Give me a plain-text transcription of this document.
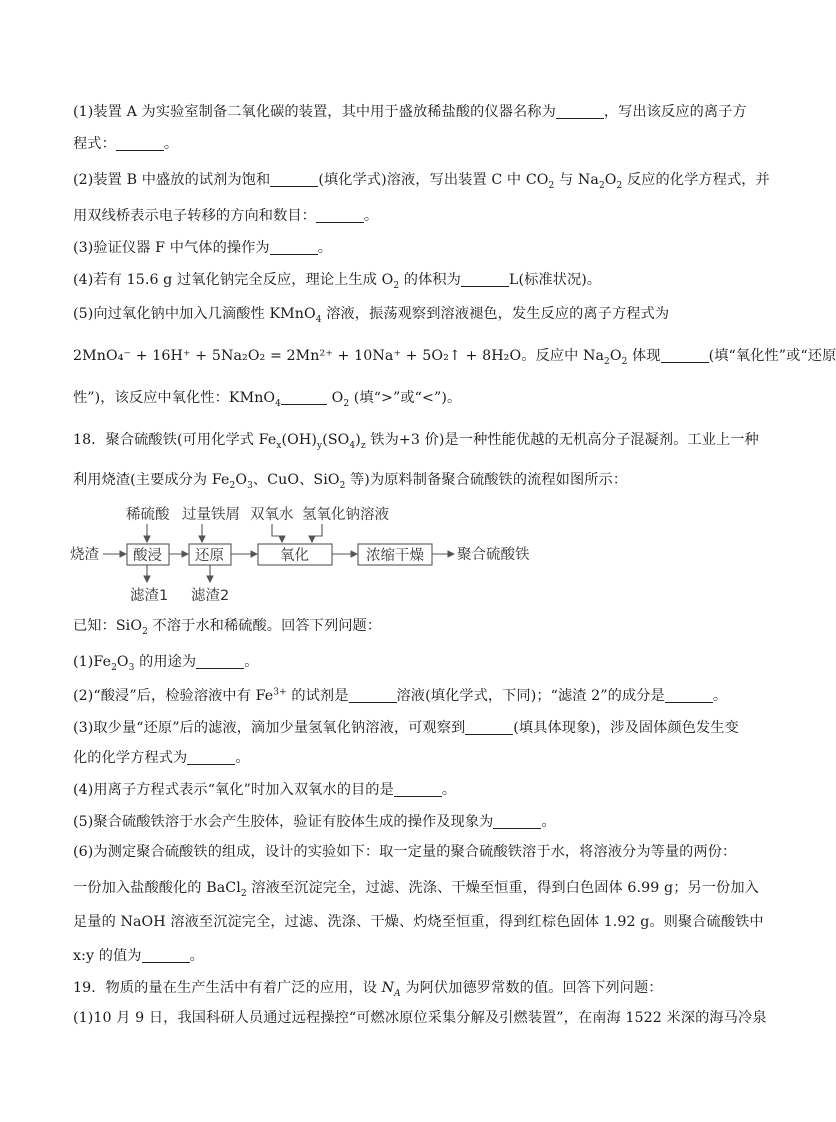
(1)装置 A 为实验室制备二氧化碳的装置，其中用于盛放稀盐酸的仪器名称为	，写出该反应的离子方
程式：	。
(2)装置 B 中盛放的试剂为饱和	(填化学式)溶液，写出装置 C 中 $CO_2$ 与 $Na_2O_2$ 反应的化学方程式，并
用双线桥表示电子转移的方向和数目：	。
(3)验证仪器 F 中气体的操作为	。
(4)若有 15.6 g 过氧化钠完全反应，理论上生成 $O_2$ 的体积为	L(标准状况)。
(5)向过氧化钠中加入几滴酸性 KMnO$_4$ 溶液，振荡观察到溶液褪色，发生反应的离子方程式为
2MnO₄⁻ + 16H⁺ + 5Na₂O₂ = 2Mn²⁺ + 10Na⁺ + 5O₂↑ + 8H₂O。反应中 $Na_2O_2$ 体现	(填“氧化性”或“还原
性”)，该反应中氧化性：KMnO$_4$	$O_2$ (填“>”或“<”)。
18．聚合硫酸铁(可用化学式 $Fe_x(OH)_y(SO_4)_z$ 铁为+3 价)是一种性能优越的无机高分子混凝剂。工业上一种
利用烧渣(主要成分为 $Fe_2O_3$、CuO、SiO$_2$ 等)为原料制备聚合硫酸铁的流程如图所示：
稀硫酸 过量铁屑 双氧水 氢氧化钠溶液
烧渣 酸浸 还原	氧化	浓缩干燥 聚合硫酸铁
滤渣1 滤渣2
已知：SiO$_2$ 不溶于水和稀硫酸。回答下列问题：
$(1)Fe_2O_3$ 的用途为	。
(2)“酸浸”后，检验溶液中有 $Fe^{3+}$ 的试剂是	溶液(填化学式，下同)；“滤渣 2”的成分是	。
(3)取少量“还原”后的滤液，滴加少量氢氧化钠溶液，可观察到	(填具体现象)，涉及固体颜色发生变
化的化学方程式为	。
(4)用离子方程式表示“氧化”时加入双氧水的目的是	。
(5)聚合硫酸铁溶于水会产生胶体，验证有胶体生成的操作及现象为	。
(6)为测定聚合硫酸铁的组成，设计的实验如下：取一定量的聚合硫酸铁溶于水，将溶液分为等量的两份：
一份加入盐酸酸化的 BaCl$_2$ 溶液至沉淀完全，过滤、洗涤、干燥至恒重，得到白色固体 6.99 g；另一份加入
足量的 NaOH 溶液至沉淀完全，过滤、洗涤、干燥、灼烧至恒重，得到红棕色固体 1.92 g。则聚合硫酸铁中
x:y 的值为	。
19．物质的量在生产生活中有着广泛的应用，设 $N_A$ 为阿伏加德罗常数的值。回答下列问题：
(1)10 月 9 日，我国科研人员通过远程操控“可燃冰原位采集分解及引燃装置”，在南海 1522 米深的海马冷泉
